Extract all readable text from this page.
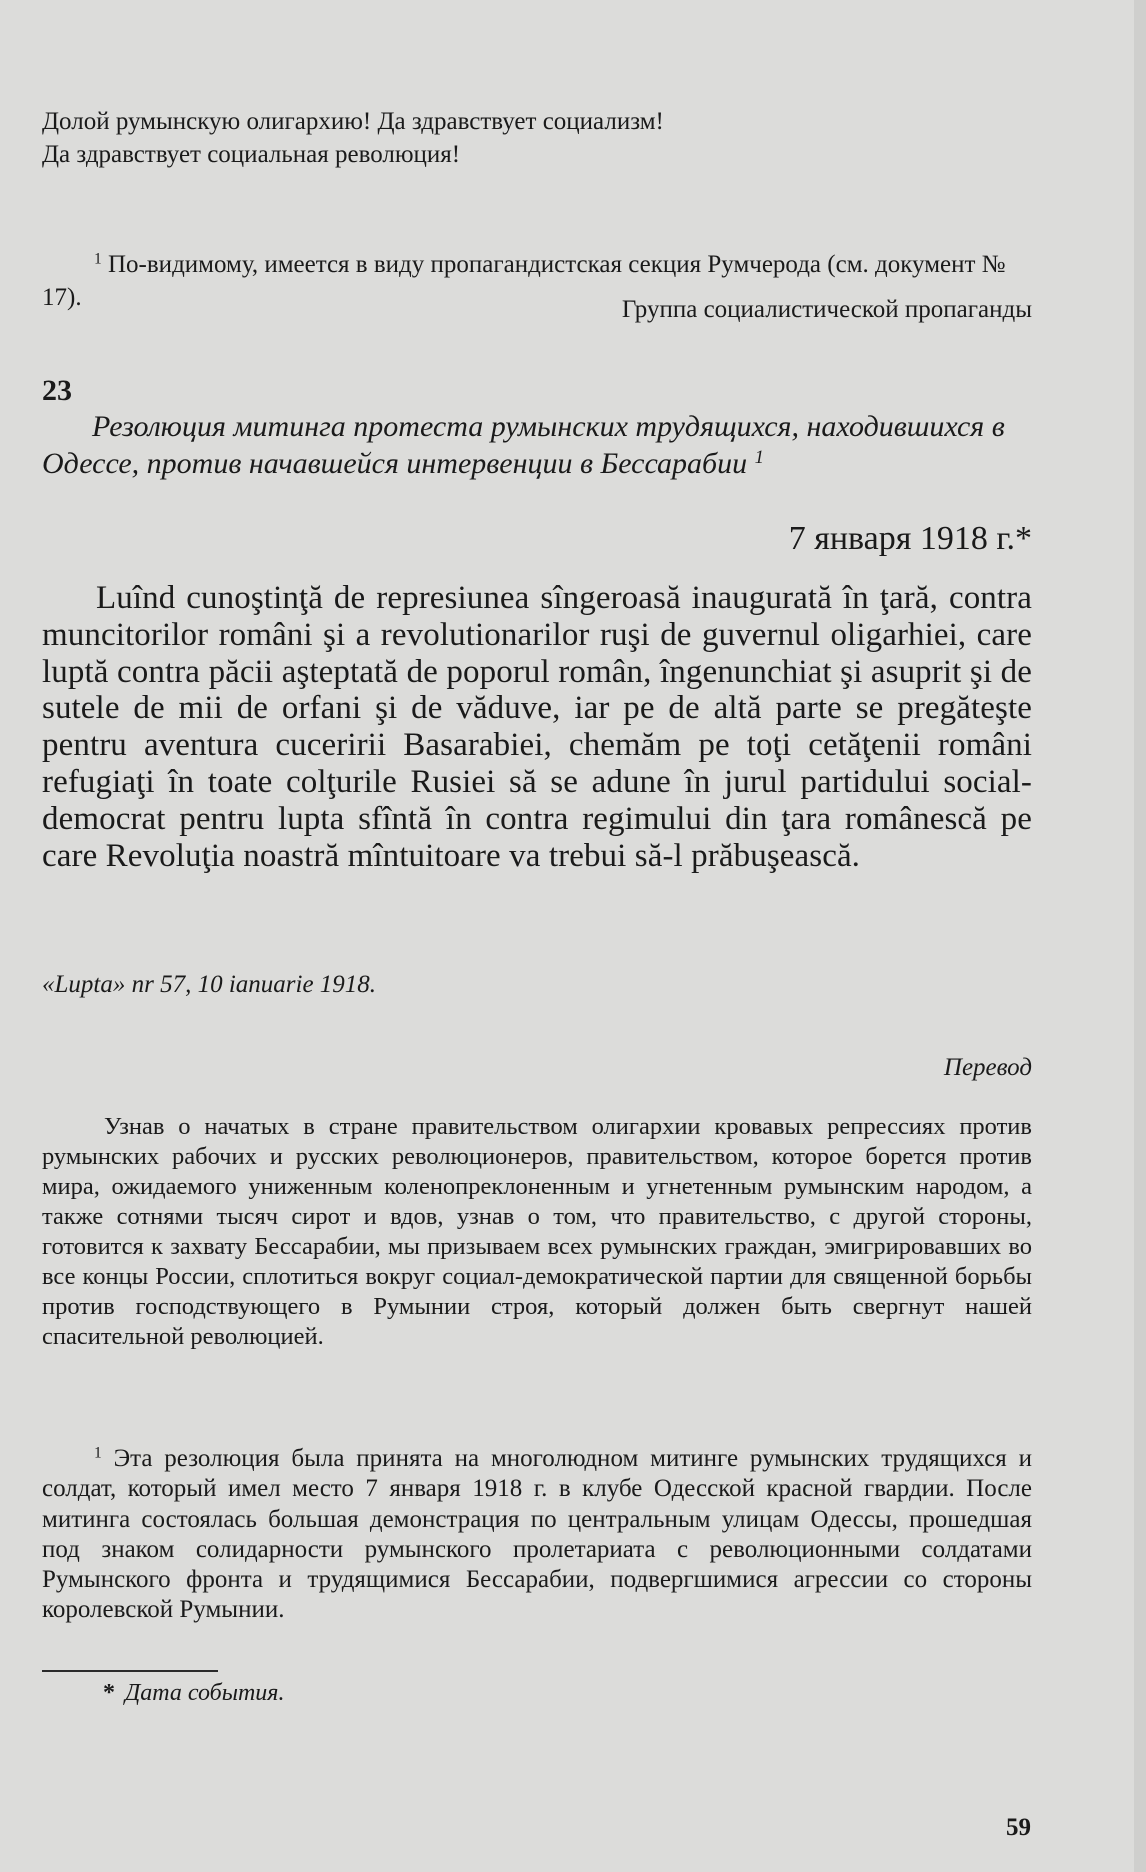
Долой румынскую олигархию! Да здравствует социализм!

Да здравствует социальная революция!

Группа социалистической пропаганды

$^1$ По-видимому, имеется в виду пропагандистская секция Румчерода (см. документ № 17).

23

Резолюция митинга протеста румынских трудящихся, находившихся в Одессе, против начавшейся интервенции в Бессарабии $^1$

7 января 1918 г.*

Luînd cunoştinţă de represiunea sîngeroasă inaugurată în ţară, contra muncitorilor români şi a revolutionarilor ruşi de guvernul oligarhiei, care luptă contra păcii aşteptată de poporul român, îngenunchiat şi asuprit şi de sutele de mii de orfani şi de văduve, iar pe de altă parte se pregăteşte pentru aventura cuceririi Basarabiei, chemăm pe toţi cetăţenii români refugiaţi în toate colţurile Rusiei să se adune în jurul partidului social-democrat pentru lupta sfîntă în contra regimului din ţara românescă pe care Revoluţia noastră mîntuitoare va trebui să-l prăbuşească.

«Lupta» nr 57, 10 ianuarie 1918.

Перевод

Узнав о начатых в стране правительством олигархии кровавых репрессиях против румынских рабочих и русских революционеров, правительством, которое борется против мира, ожидаемого униженным коленопреклоненным и угнетенным румынским народом, а также сотнями тысяч сирот и вдов, узнав о том, что правительство, с другой стороны, готовится к захвату Бессарабии, мы призываем всех румынских граждан, эмигрировавших во все концы России, сплотиться вокруг социал-демократической партии для священной борьбы против господствующего в Румынии строя, который должен быть свергнут нашей спасительной революцией.

$^1$ Эта резолюция была принята на многолюдном митинге румынских трудящихся и солдат, который имел место 7 января 1918 г. в клубе Одесской красной гвардии. После митинга состоялась большая демонстрация по центральным улицам Одессы, прошедшая под знаком солидарности румынского пролетариата с революционными солдатами Румынского фронта и трудящимися Бессарабии, подвергшимися агрессии со стороны королевской Румынии.

* Дата события.
59
